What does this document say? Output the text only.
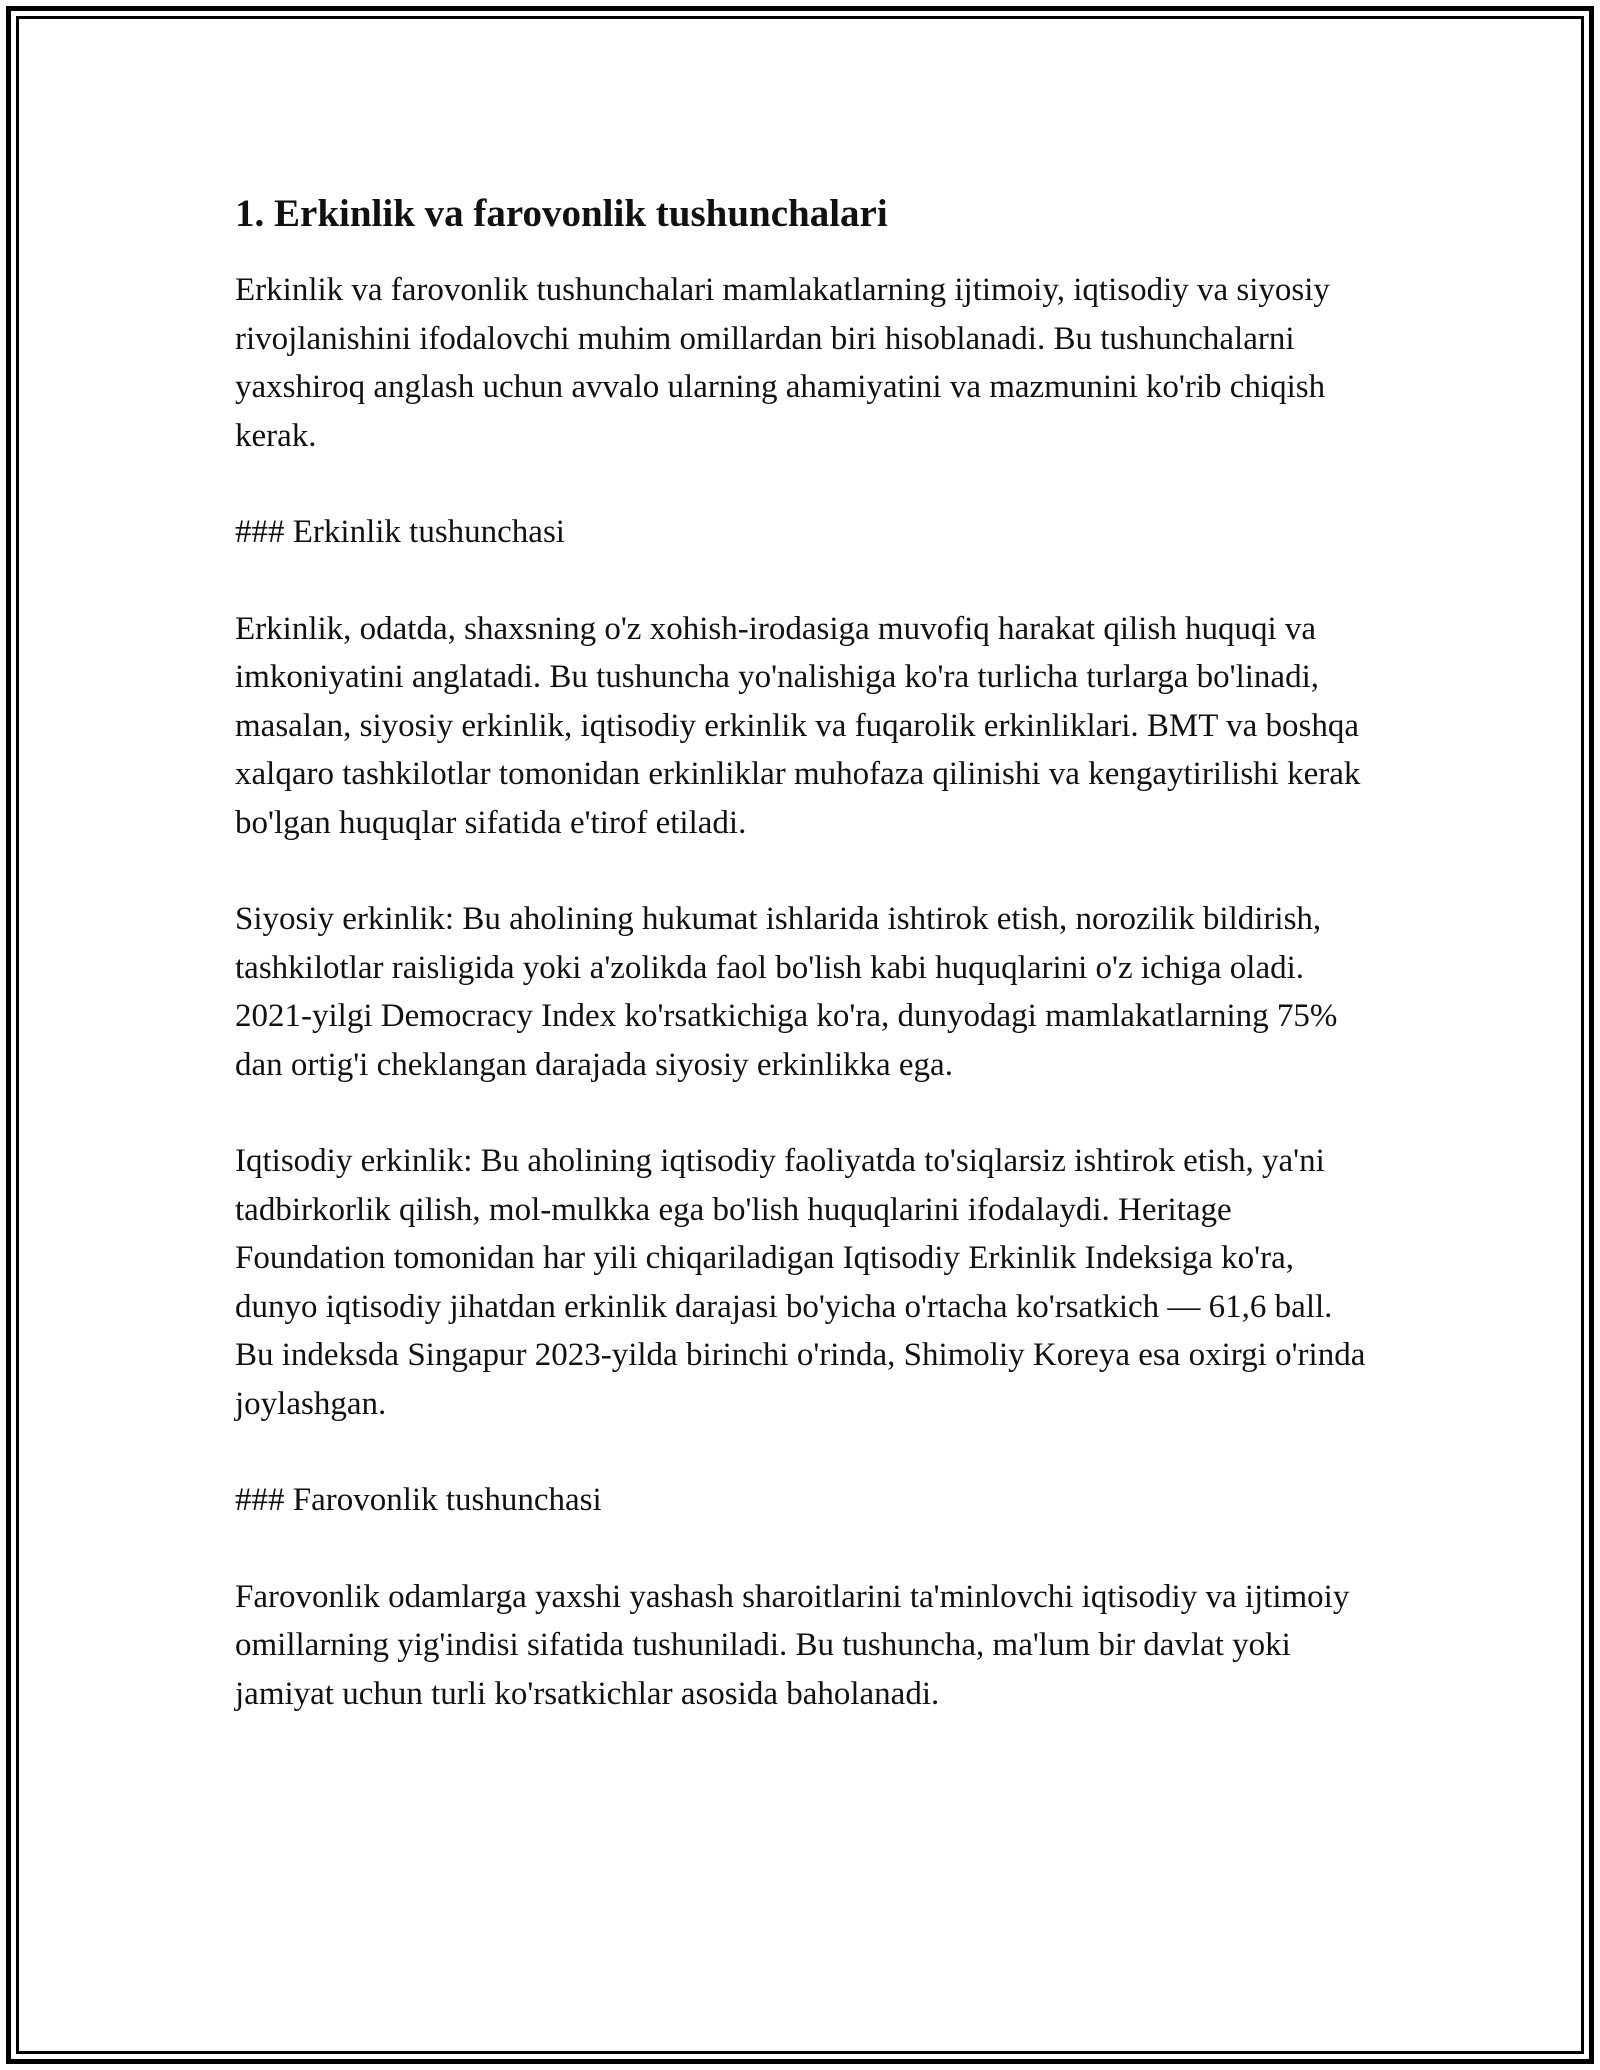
1. Erkinlik va farovonlik tushunchalari

Erkinlik va farovonlik tushunchalari mamlakatlarning ijtimoiy, iqtisodiy va siyosiy rivojlanishini ifodalovchi muhim omillardan biri hisoblanadi. Bu tushunchalarni yaxshiroq anglash uchun avvalo ularning ahamiyatini va mazmunini ko'rib chiqish kerak.

### Erkinlik tushunchasi

Erkinlik, odatda, shaxsning o'z xohish-irodasiga muvofiq harakat qilish huquqi va imkoniyatini anglatadi. Bu tushuncha yo'nalishiga ko'ra turlicha turlarga bo'linadi, masalan, siyosiy erkinlik, iqtisodiy erkinlik va fuqarolik erkinliklari. BMT va boshqa xalqaro tashkilotlar tomonidan erkinliklar muhofaza qilinishi va kengaytirilishi kerak bo'lgan huquqlar sifatida e'tirof etiladi.

Siyosiy erkinlik: Bu aholining hukumat ishlarida ishtirok etish, norozilik bildirish, tashkilotlar raisligida yoki a'zolikda faol bo'lish kabi huquqlarini o'z ichiga oladi. 2021-yilgi Democracy Index ko'rsatkichiga ko'ra, dunyodagi mamlakatlarning 75% dan ortig'i cheklangan darajada siyosiy erkinlikka ega.

Iqtisodiy erkinlik: Bu aholining iqtisodiy faoliyatda to'siqlarsiz ishtirok etish, ya'ni tadbirkorlik qilish, mol-mulkka ega bo'lish huquqlarini ifodalaydi. Heritage Foundation tomonidan har yili chiqariladigan Iqtisodiy Erkinlik Indeksiga ko'ra, dunyo iqtisodiy jihatdan erkinlik darajasi bo'yicha o'rtacha ko'rsatkich — 61,6 ball. Bu indeksda Singapur 2023-yilda birinchi o'rinda, Shimoliy Koreya esa oxirgi o'rinda joylashgan.

### Farovonlik tushunchasi

Farovonlik odamlarga yaxshi yashash sharoitlarini ta'minlovchi iqtisodiy va ijtimoiy omillarning yig'indisi sifatida tushuniladi. Bu tushuncha, ma'lum bir davlat yoki jamiyat uchun turli ko'rsatkichlar asosida baholanadi.
